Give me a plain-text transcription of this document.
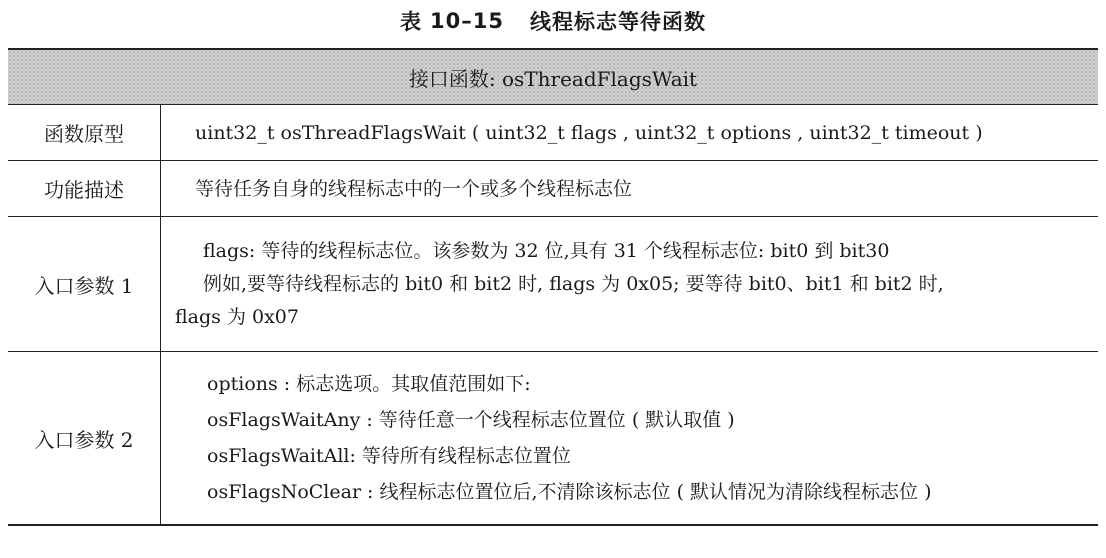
表 10–15 线程标志等待函数
接口函数: osThreadFlagsWait
函数原型	uint32_t osThreadFlagsWait ( uint32_t flags , uint32_t options , uint32_t timeout )
功能描述	等待任务自身的线程标志中的一个或多个线程标志位
入口参数 1
flags: 等待的线程标志位。该参数为 32 位,具有 31 个线程标志位: bit0 到 bit30
例如,要等待线程标志的 bit0 和 bit2 时, flags 为 0x05; 要等待 bit0、bit1 和 bit2 时,
flags 为 0x07
入口参数 2
options : 标志选项。其取值范围如下:
osFlagsWaitAny : 等待任意一个线程标志位置位 ( 默认取值 )
osFlagsWaitAll: 等待所有线程标志位置位
osFlagsNoClear : 线程标志位置位后,不清除该标志位 ( 默认情况为清除线程标志位 )
